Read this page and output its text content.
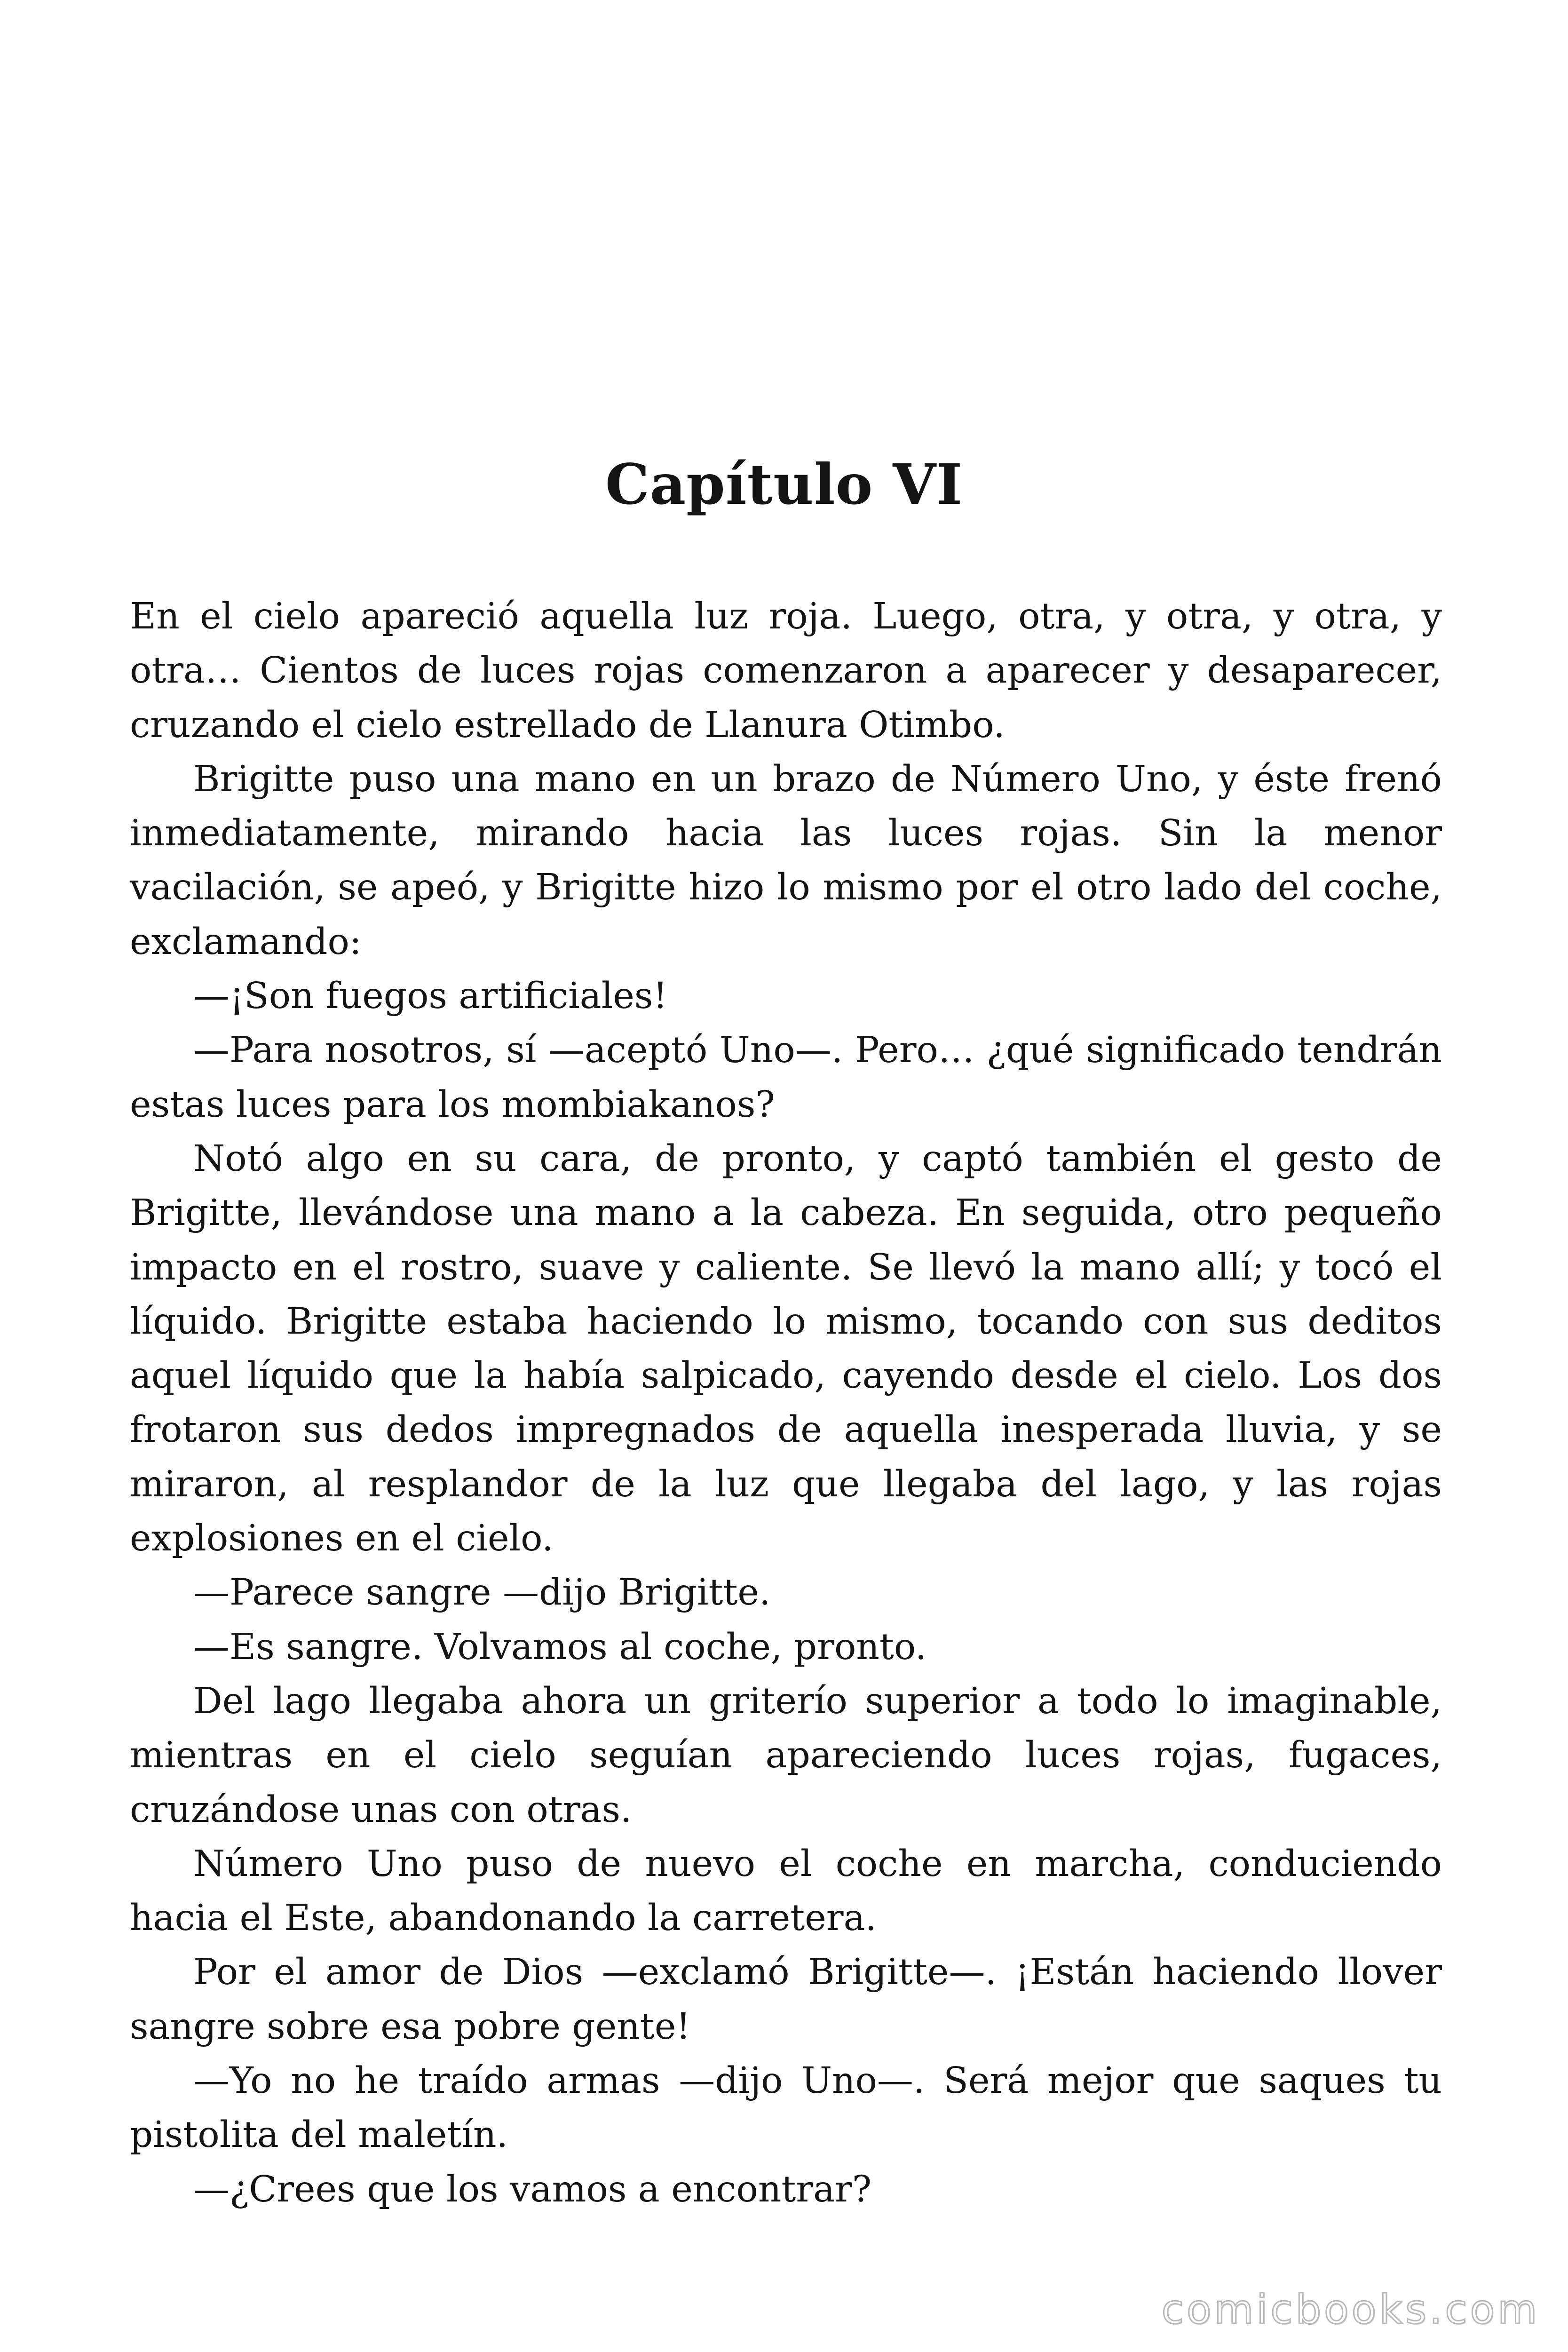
Capítulo VI

En el cielo apareció aquella luz roja. Luego, otra, y otra, y otra, y otra… Cientos de luces rojas comenzaron a aparecer y desaparecer, cruzando el cielo estrellado de Llanura Otimbo.

Brigitte puso una mano en un brazo de Número Uno, y éste frenó inmediatamente, mirando hacia las luces rojas. Sin la menor vacilación, se apeó, y Brigitte hizo lo mismo por el otro lado del coche, exclamando:

—¡Son fuegos artificiales!

—Para nosotros, sí —aceptó Uno—. Pero… ¿qué significado tendrán estas luces para los mombiakanos?

Notó algo en su cara, de pronto, y captó también el gesto de Brigitte, llevándose una mano a la cabeza. En seguida, otro pequeño impacto en el rostro, suave y caliente. Se llevó la mano allí; y tocó el líquido. Brigitte estaba haciendo lo mismo, tocando con sus deditos aquel líquido que la había salpicado, cayendo desde el cielo. Los dos frotaron sus dedos impregnados de aquella inesperada lluvia, y se miraron, al resplandor de la luz que llegaba del lago, y las rojas explosiones en el cielo.

—Parece sangre —dijo Brigitte.

—Es sangre. Volvamos al coche, pronto.

Del lago llegaba ahora un griterío superior a todo lo imaginable, mientras en el cielo seguían apareciendo luces rojas, fugaces, cruzándose unas con otras.

Número Uno puso de nuevo el coche en marcha, conduciendo hacia el Este, abandonando la carretera.

Por el amor de Dios —exclamó Brigitte—. ¡Están haciendo llover sangre sobre esa pobre gente!

—Yo no he traído armas —dijo Uno—. Será mejor que saques tu pistolita del maletín.

—¿Crees que los vamos a encontrar?

comicbooks.com
